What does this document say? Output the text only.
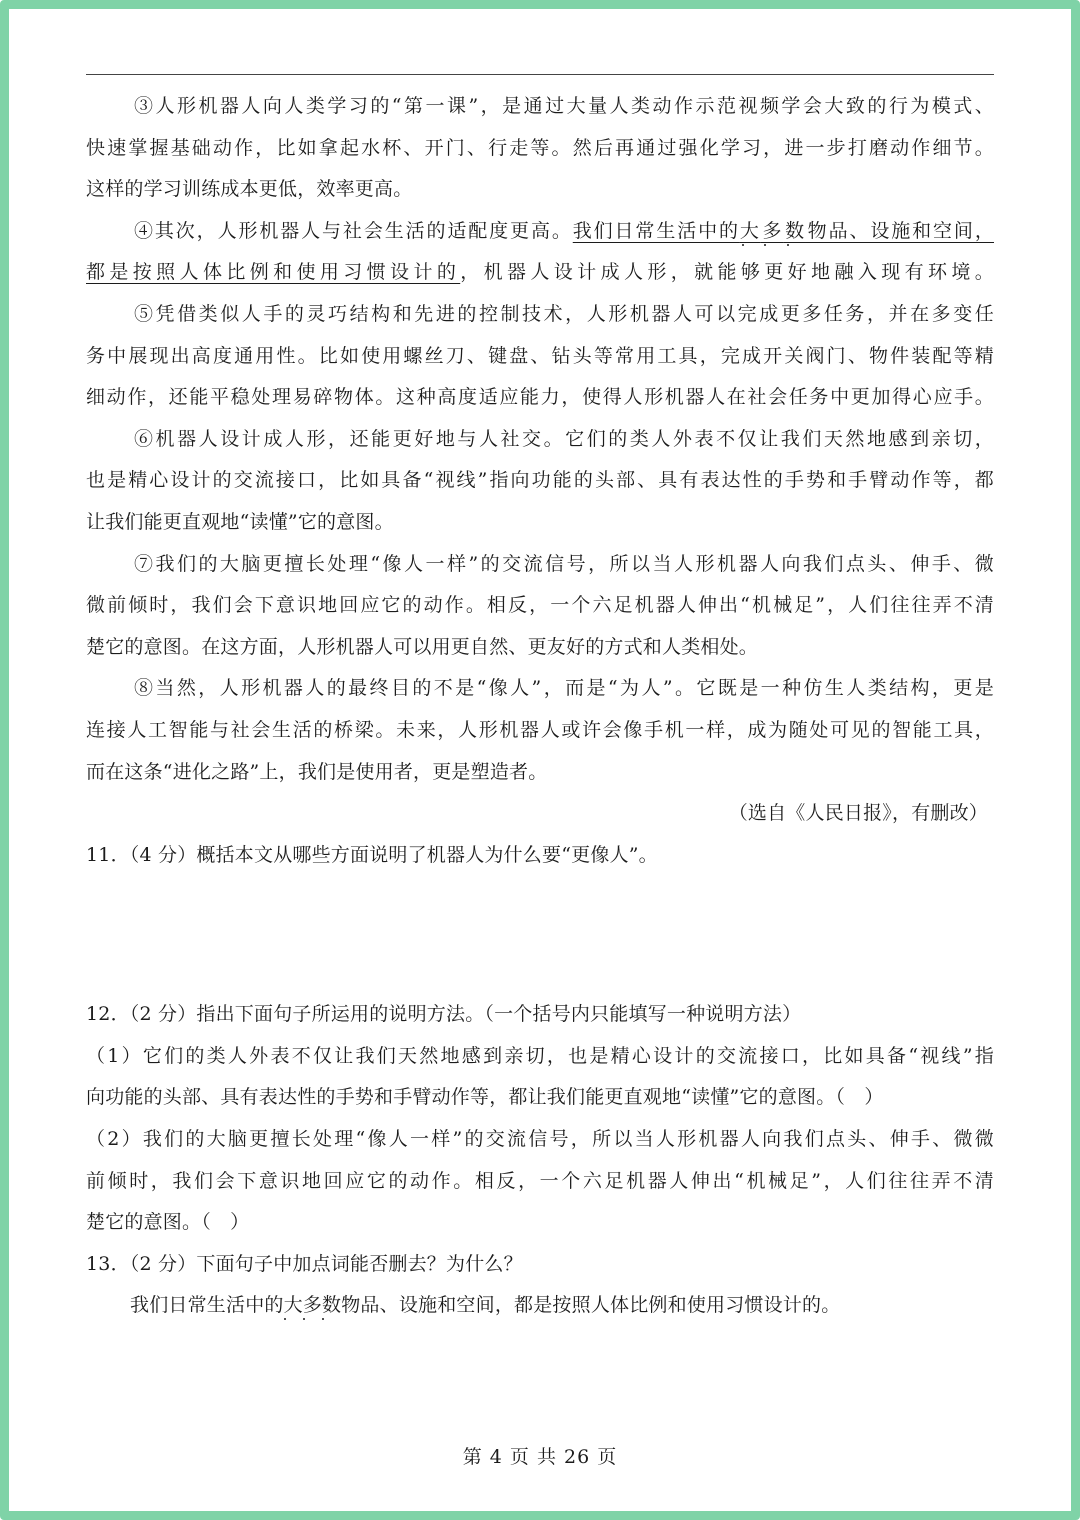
③人形机器人向人类学习的“第一课”，是通过大量人类动作示范视频学会大致的行为模式、
快速掌握基础动作，比如拿起水杯、开门、行走等。然后再通过强化学习，进一步打磨动作细节。
这样的学习训练成本更低，效率更高。
④其次，人形机器人与社会生活的适配度更高。我们日常生活中的大多数物品、设施和空间，
都是按照人体比例和使用习惯设计的，机器人设计成人形，就能够更好地融入现有环境。
⑤凭借类似人手的灵巧结构和先进的控制技术，人形机器人可以完成更多任务，并在多变任
务中展现出高度通用性。比如使用螺丝刀、键盘、钻头等常用工具，完成开关阀门、物件装配等精
细动作，还能平稳处理易碎物体。这种高度适应能力，使得人形机器人在社会任务中更加得心应手。
⑥机器人设计成人形，还能更好地与人社交。它们的类人外表不仅让我们天然地感到亲切，
也是精心设计的交流接口，比如具备“视线”指向功能的头部、具有表达性的手势和手臂动作等，都
让我们能更直观地“读懂”它的意图。
⑦我们的大脑更擅长处理“像人一样”的交流信号，所以当人形机器人向我们点头、伸手、微
微前倾时，我们会下意识地回应它的动作。相反，一个六足机器人伸出“机械足”，人们往往弄不清
楚它的意图。在这方面，人形机器人可以用更自然、更友好的方式和人类相处。
⑧当然，人形机器人的最终目的不是“像人”，而是“为人”。它既是一种仿生人类结构，更是
连接人工智能与社会生活的桥梁。未来，人形机器人或许会像手机一样，成为随处可见的智能工具，
而在这条“进化之路”上，我们是使用者，更是塑造者。
（选自《人民日报》，有删改）
11．（4 分）概括本文从哪些方面说明了机器人为什么要“更像人”。
12．（2 分）指出下面句子所运用的说明方法。（一个括号内只能填写一种说明方法）
（1）它们的类人外表不仅让我们天然地感到亲切，也是精心设计的交流接口，比如具备“视线”指
向功能的头部、具有表达性的手势和手臂动作等，都让我们能更直观地“读懂”它的意图。（　）
（2）我们的大脑更擅长处理“像人一样”的交流信号，所以当人形机器人向我们点头、伸手、微微
前倾时，我们会下意识地回应它的动作。相反，一个六足机器人伸出“机械足”，人们往往弄不清
楚它的意图。（　）
13．（2 分）下面句子中加点词能否删去？为什么？
我们日常生活中的大多数物品、设施和空间，都是按照人体比例和使用习惯设计的。
第 4 页 共 26 页
